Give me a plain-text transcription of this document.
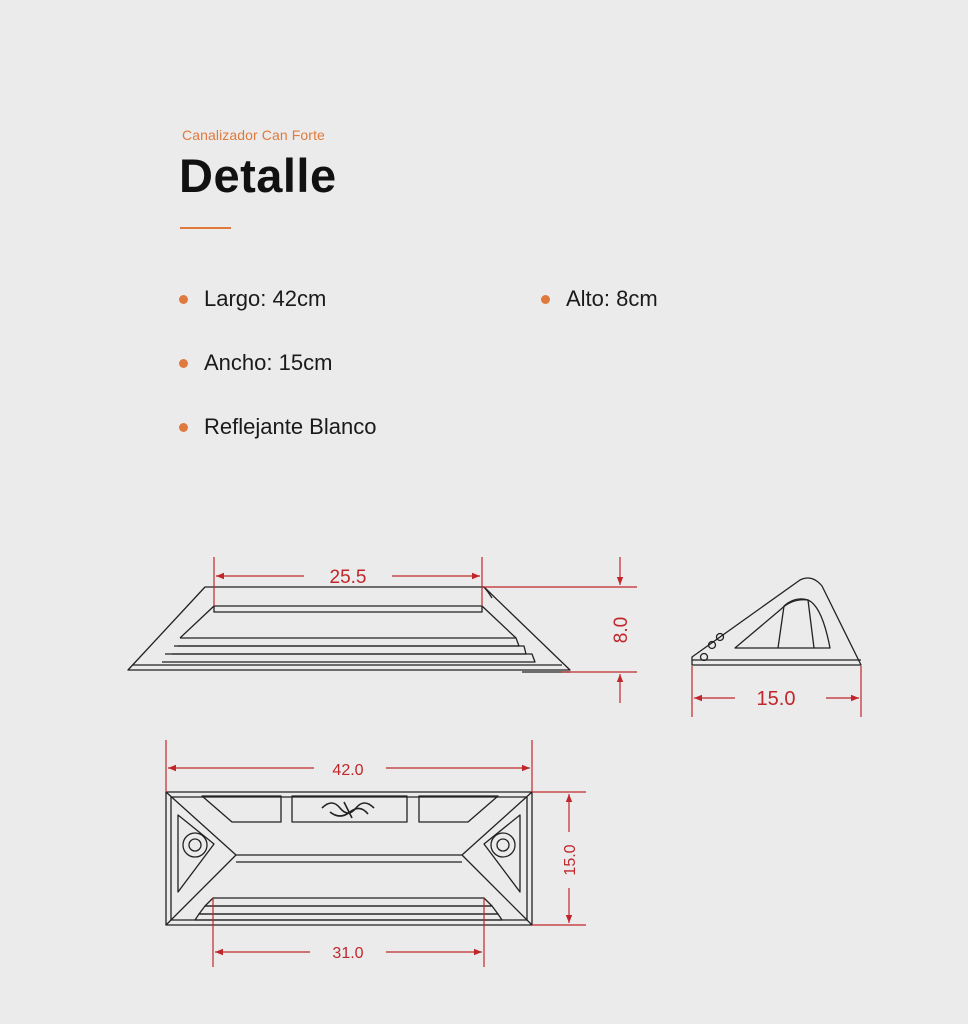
Canalizador Can Forte
Detalle
Largo: 42cm	Alto: 8cm
Ancho: 15cm
Reflejante Blanco
25.5
8.0
15.0
42.0
15.0
31.0
